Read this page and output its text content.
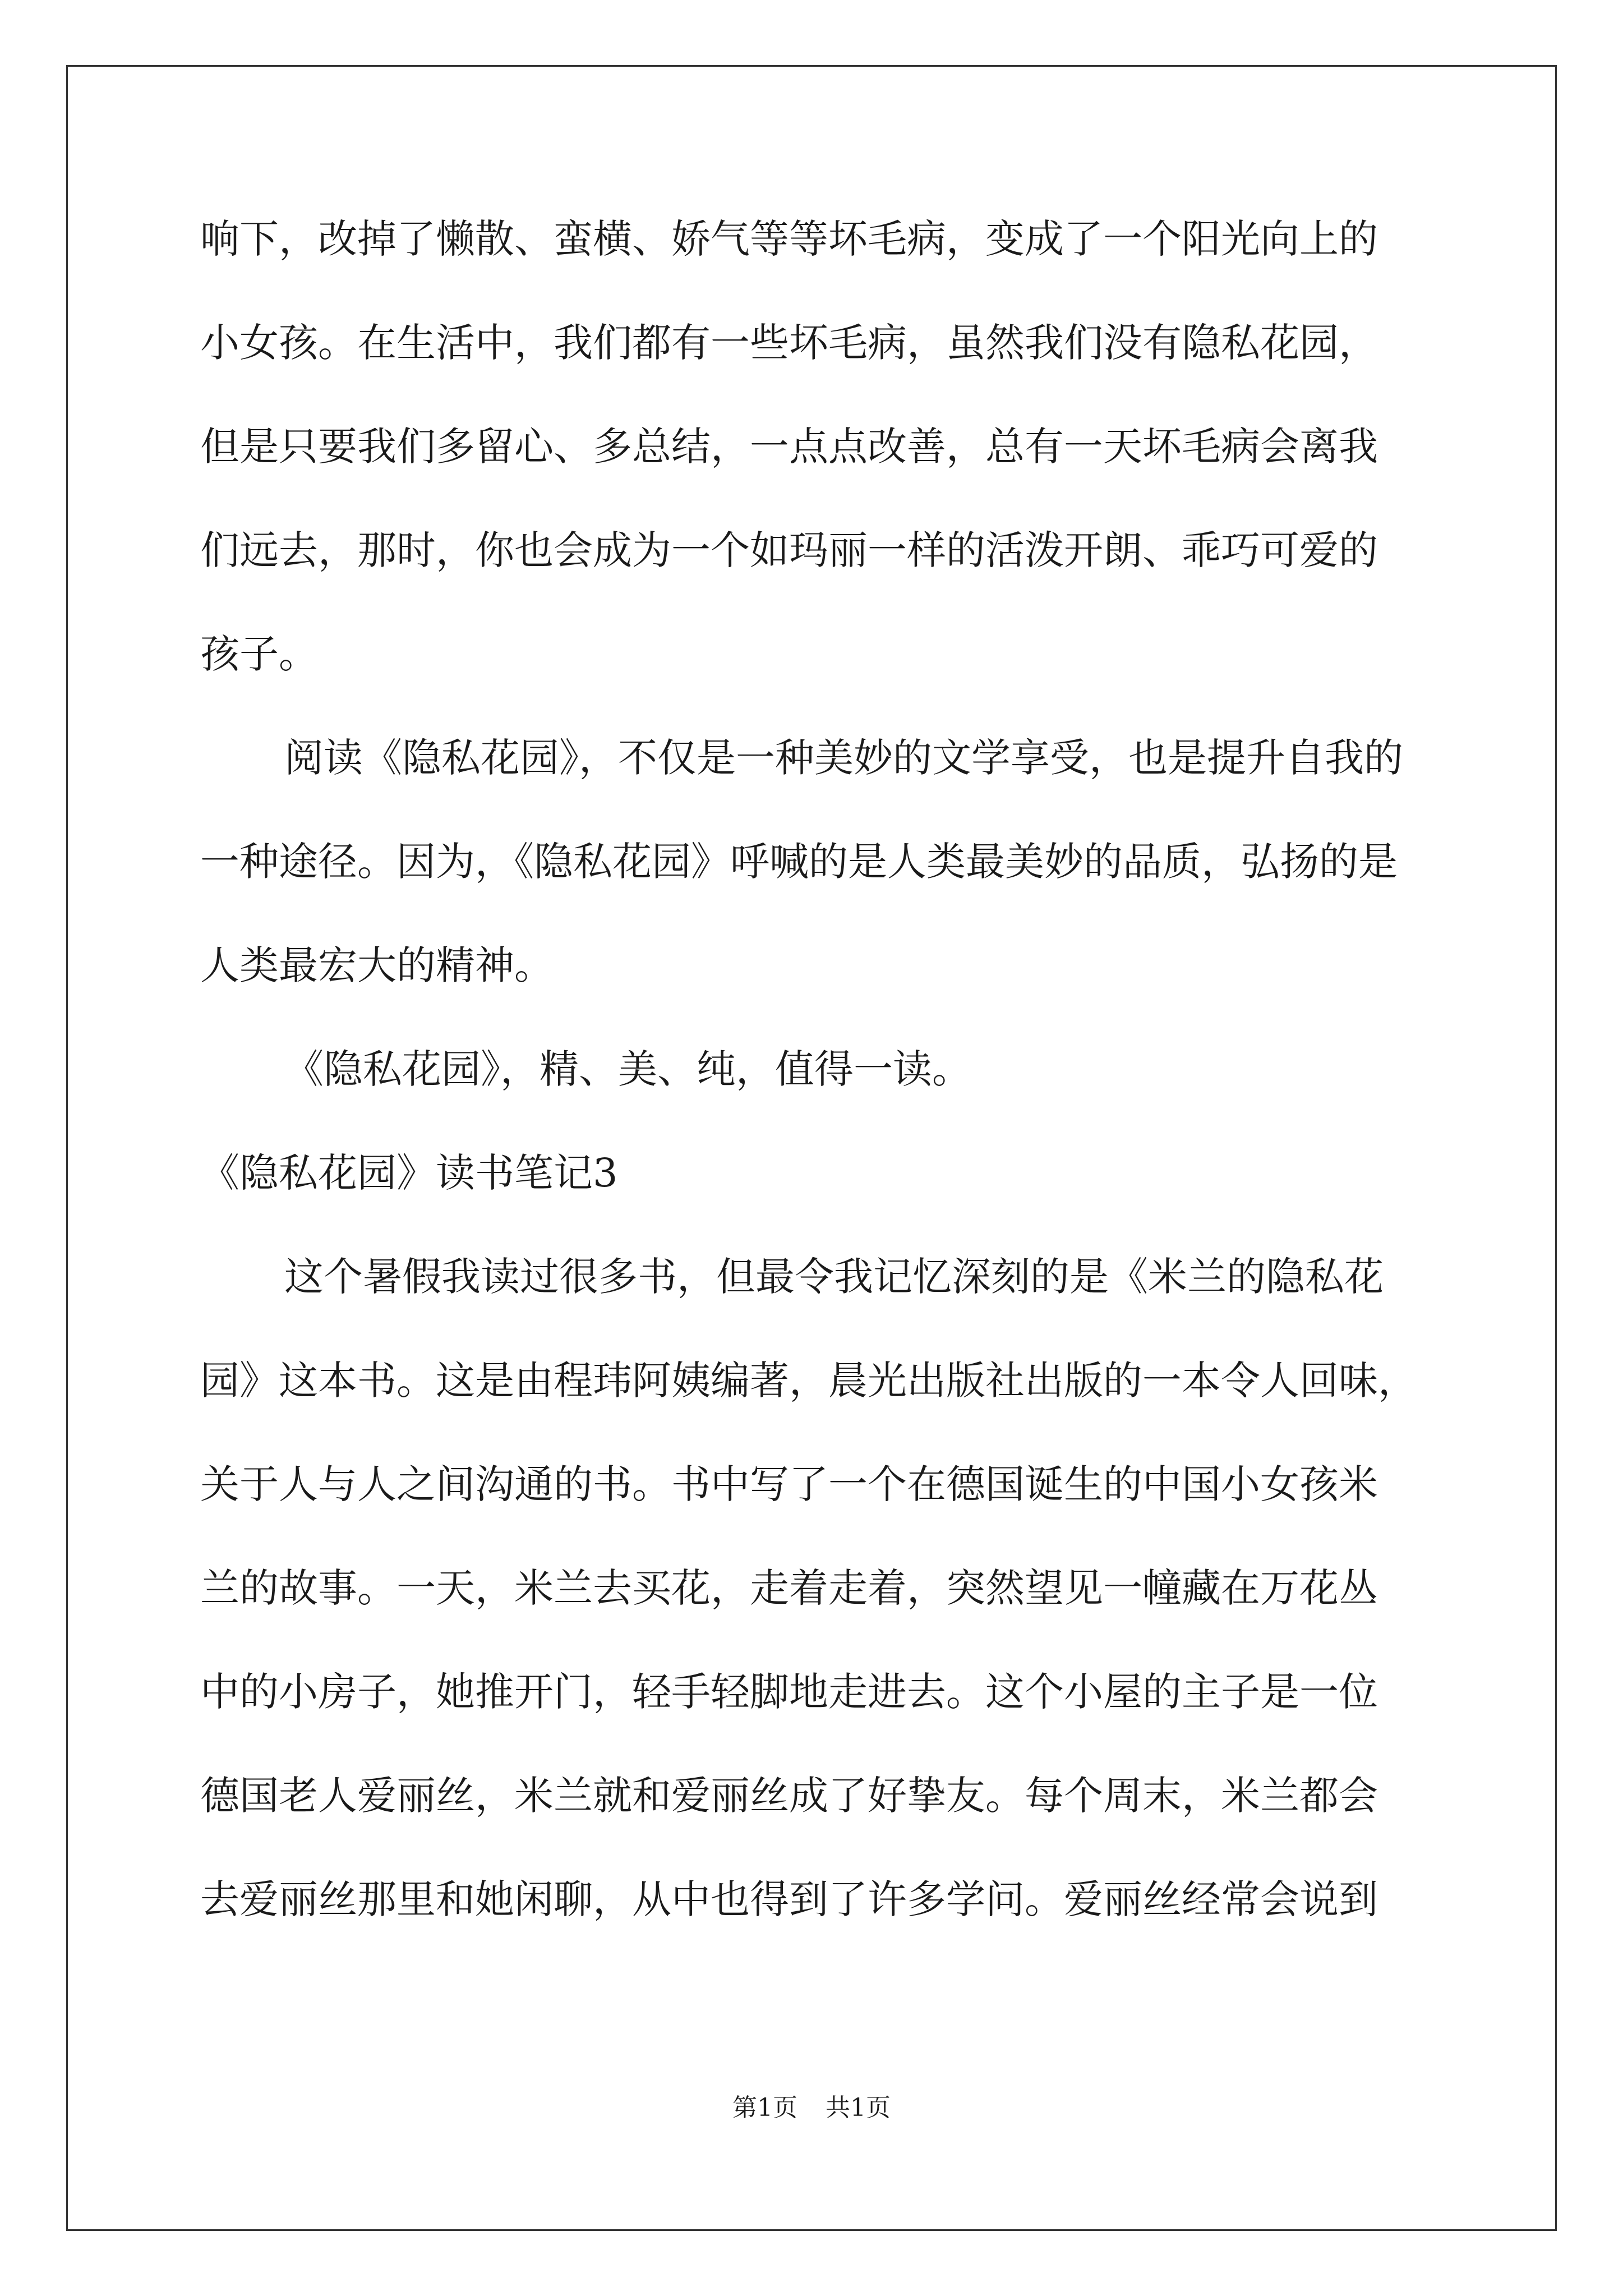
响下，改掉了懒散、蛮横、娇气等等坏毛病，变成了一个阳光向上的
小女孩。在生活中，我们都有一些坏毛病，虽然我们没有隐私花园，
但是只要我们多留心、多总结，一点点改善，总有一天坏毛病会离我
们远去，那时，你也会成为一个如玛丽一样的活泼开朗、乖巧可爱的
孩子。
阅读《隐私花园》，不仅是一种美妙的文学享受，也是提升自我的
一种途径。因为，《隐私花园》呼喊的是人类最美妙的品质，弘扬的是
人类最宏大的精神。
《隐私花园》，精、美、纯，值得一读。
《隐私花园》读书笔记3
这个暑假我读过很多书，但最令我记忆深刻的是《米兰的隐私花
园》这本书。这是由程玮阿姨编著，晨光出版社出版的一本令人回味，
关于人与人之间沟通的书。书中写了一个在德国诞生的中国小女孩米
兰的故事。一天，米兰去买花，走着走着，突然望见一幢藏在万花丛
中的小房子，她推开门，轻手轻脚地走进去。这个小屋的主子是一位
德国老人爱丽丝，米兰就和爱丽丝成了好挚友。每个周末，米兰都会
去爱丽丝那里和她闲聊，从中也得到了许多学问。爱丽丝经常会说到
第1页 共1页
